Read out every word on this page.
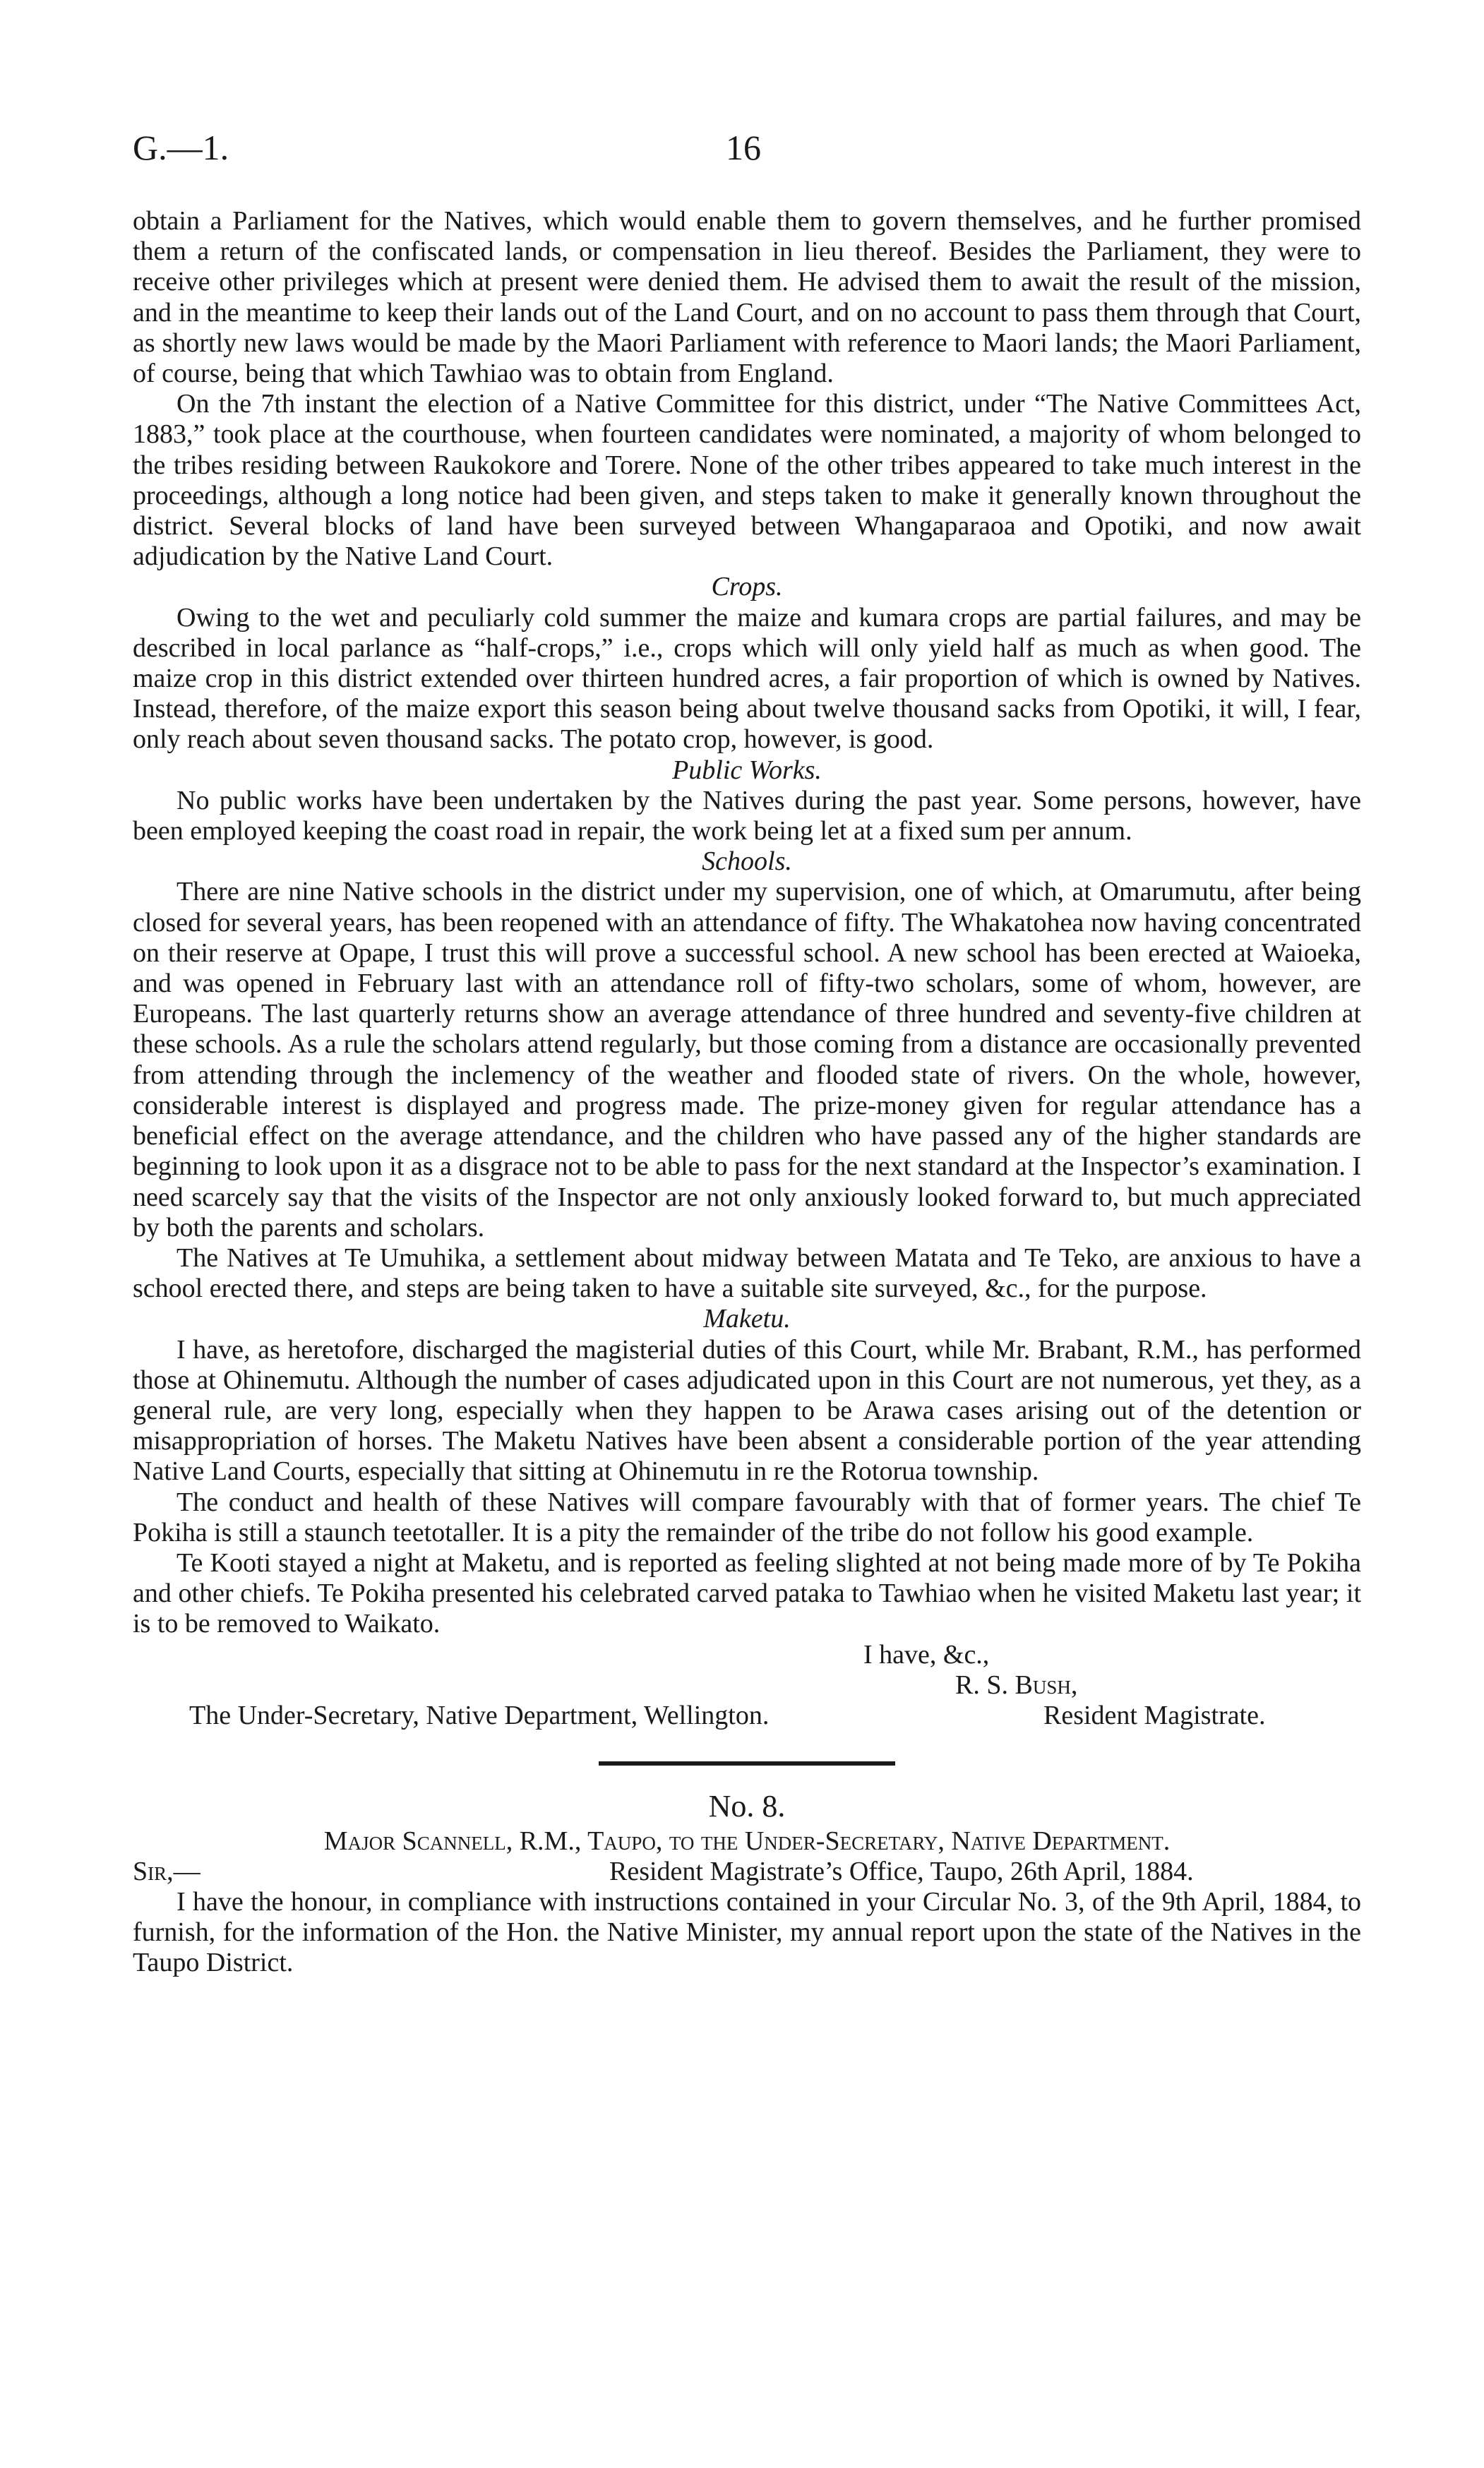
G.—1.	16

obtain a Parliament for the Natives, which would enable them to govern themselves, and he further promised them a return of the confiscated lands, or compensation in lieu thereof. Besides the Parliament, they were to receive other privileges which at present were denied them. He advised them to await the result of the mission, and in the meantime to keep their lands out of the Land Court, and on no account to pass them through that Court, as shortly new laws would be made by the Maori Parliament with reference to Maori lands; the Maori Parliament, of course, being that which Tawhiao was to obtain from England.

On the 7th instant the election of a Native Committee for this district, under “The Native Committees Act, 1883,” took place at the courthouse, when fourteen candidates were nominated, a majority of whom belonged to the tribes residing between Raukokore and Torere. None of the other tribes appeared to take much interest in the proceedings, although a long notice had been given, and steps taken to make it generally known throughout the district. Several blocks of land have been surveyed between Whangaparaoa and Opotiki, and now await adjudication by the Native Land Court.

Crops.

Owing to the wet and peculiarly cold summer the maize and kumara crops are partial failures, and may be described in local parlance as “half-crops,” i.e., crops which will only yield half as much as when good. The maize crop in this district extended over thirteen hundred acres, a fair proportion of which is owned by Natives. Instead, therefore, of the maize export this season being about twelve thousand sacks from Opotiki, it will, I fear, only reach about seven thousand sacks. The potato crop, however, is good.

Public Works.

No public works have been undertaken by the Natives during the past year. Some persons, however, have been employed keeping the coast road in repair, the work being let at a fixed sum per annum.

Schools.

There are nine Native schools in the district under my supervision, one of which, at Omarumutu, after being closed for several years, has been reopened with an attendance of fifty. The Whakatohea now having concentrated on their reserve at Opape, I trust this will prove a successful school. A new school has been erected at Waioeka, and was opened in February last with an attendance roll of fifty-two scholars, some of whom, however, are Europeans. The last quarterly returns show an average attendance of three hundred and seventy-five children at these schools. As a rule the scholars attend regularly, but those coming from a distance are occasionally prevented from attending through the inclemency of the weather and flooded state of rivers. On the whole, however, considerable interest is displayed and progress made. The prize-money given for regular attendance has a beneficial effect on the average attendance, and the children who have passed any of the higher standards are beginning to look upon it as a disgrace not to be able to pass for the next standard at the Inspector’s examination. I need scarcely say that the visits of the Inspector are not only anxiously looked forward to, but much appreciated by both the parents and scholars.

The Natives at Te Umuhika, a settlement about midway between Matata and Te Teko, are anxious to have a school erected there, and steps are being taken to have a suitable site surveyed, &c., for the purpose.

Maketu.

I have, as heretofore, discharged the magisterial duties of this Court, while Mr. Brabant, R.M., has performed those at Ohinemutu. Although the number of cases adjudicated upon in this Court are not numerous, yet they, as a general rule, are very long, especially when they happen to be Arawa cases arising out of the detention or misappropriation of horses. The Maketu Natives have been absent a considerable portion of the year attending Native Land Courts, especially that sitting at Ohinemutu in re the Rotorua township.

The conduct and health of these Natives will compare favourably with that of former years. The chief Te Pokiha is still a staunch teetotaller. It is a pity the remainder of the tribe do not follow his good example.

Te Kooti stayed a night at Maketu, and is reported as feeling slighted at not being made more of by Te Pokiha and other chiefs. Te Pokiha presented his celebrated carved pataka to Tawhiao when he visited Maketu last year; it is to be removed to Waikato.

I have, &c.,
R. S. Bush,
The Under-Secretary, Native Department, Wellington.	Resident Magistrate.

No. 8.

Major Scannell, R.M., Taupo, to the Under-Secretary, Native Department.

Sir,—	Resident Magistrate’s Office, Taupo, 26th April, 1884.

I have the honour, in compliance with instructions contained in your Circular No. 3, of the 9th April, 1884, to furnish, for the information of the Hon. the Native Minister, my annual report upon the state of the Natives in the Taupo District.
